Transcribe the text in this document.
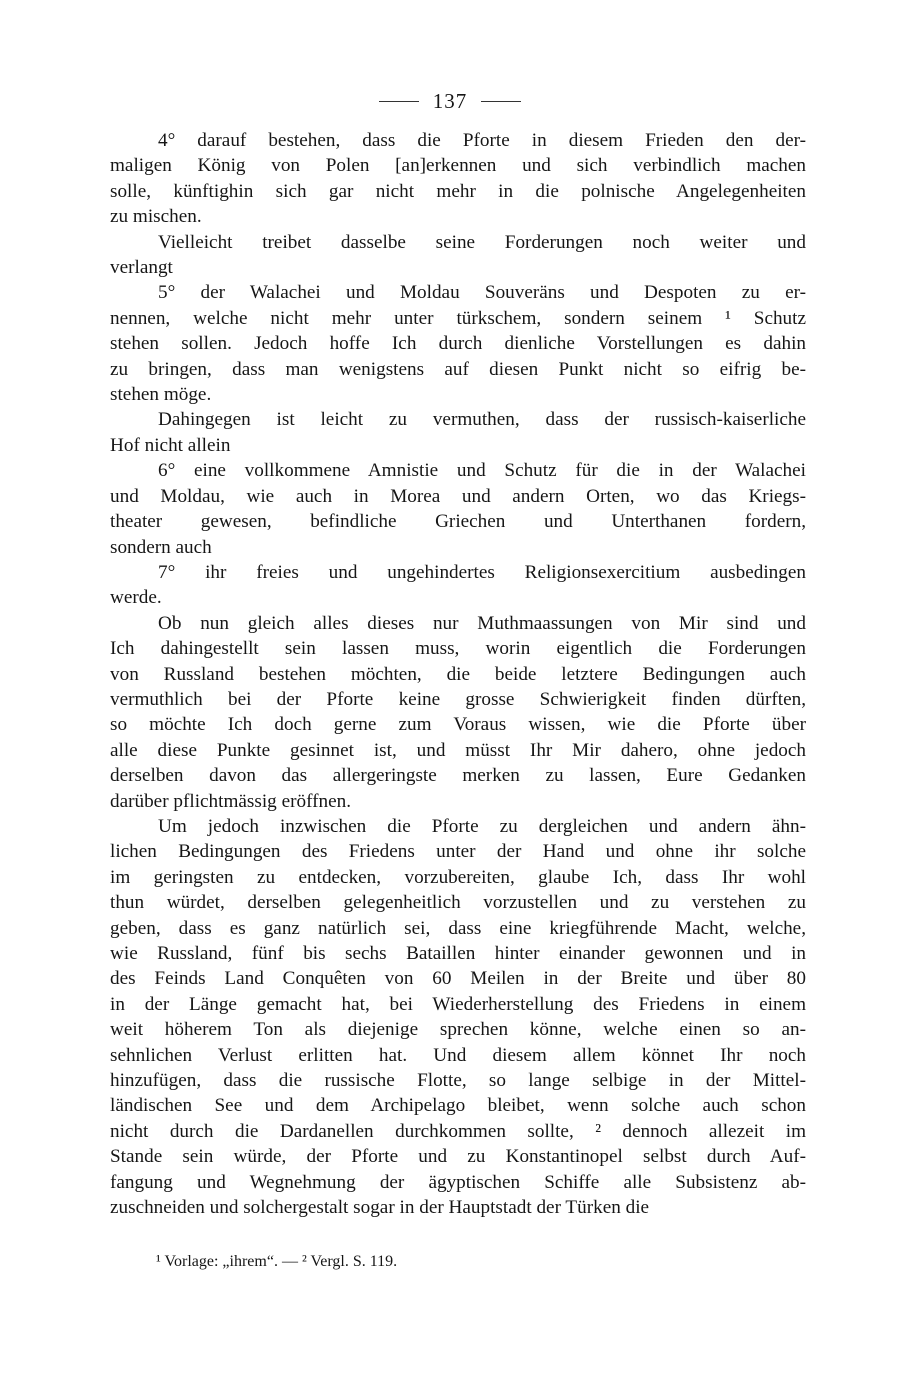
137
4° darauf bestehen, dass die Pforte in diesem Frieden den der-
maligen König von Polen [an]erkennen und sich verbindlich machen
solle, künftighin sich gar nicht mehr in die polnische Angelegenheiten
zu mischen.
Vielleicht treibet dasselbe seine Forderungen noch weiter und
verlangt
5° der Walachei und Moldau Souveräns und Despoten zu er-
nennen, welche nicht mehr unter türkschem, sondern seinem ¹ Schutz
stehen sollen. Jedoch hoffe Ich durch dienliche Vorstellungen es dahin
zu bringen, dass man wenigstens auf diesen Punkt nicht so eifrig be-
stehen möge.
Dahingegen ist leicht zu vermuthen, dass der russisch-kaiserliche
Hof nicht allein
6° eine vollkommene Amnistie und Schutz für die in der Walachei
und Moldau, wie auch in Morea und andern Orten, wo das Kriegs-
theater gewesen, befindliche Griechen und Unterthanen fordern,
sondern auch
7° ihr freies und ungehindertes Religionsexercitium ausbedingen
werde.
Ob nun gleich alles dieses nur Muthmaassungen von Mir sind und
Ich dahingestellt sein lassen muss, worin eigentlich die Forderungen
von Russland bestehen möchten, die beide letztere Bedingungen auch
vermuthlich bei der Pforte keine grosse Schwierigkeit finden dürften,
so möchte Ich doch gerne zum Voraus wissen, wie die Pforte über
alle diese Punkte gesinnet ist, und müsst Ihr Mir dahero, ohne jedoch
derselben davon das allergeringste merken zu lassen, Eure Gedanken
darüber pflichtmässig eröffnen.
Um jedoch inzwischen die Pforte zu dergleichen und andern ähn-
lichen Bedingungen des Friedens unter der Hand und ohne ihr solche
im geringsten zu entdecken, vorzubereiten, glaube Ich, dass Ihr wohl
thun würdet, derselben gelegenheitlich vorzustellen und zu verstehen zu
geben, dass es ganz natürlich sei, dass eine kriegführende Macht, welche,
wie Russland, fünf bis sechs Bataillen hinter einander gewonnen und in
des Feinds Land Conquêten von 60 Meilen in der Breite und über 80
in der Länge gemacht hat, bei Wiederherstellung des Friedens in einem
weit höherem Ton als diejenige sprechen könne, welche einen so an-
sehnlichen Verlust erlitten hat. Und diesem allem könnet Ihr noch
hinzufügen, dass die russische Flotte, so lange selbige in der Mittel-
ländischen See und dem Archipelago bleibet, wenn solche auch schon
nicht durch die Dardanellen durchkommen sollte, ² dennoch allezeit im
Stande sein würde, der Pforte und zu Konstantinopel selbst durch Auf-
fangung und Wegnehmung der ägyptischen Schiffe alle Subsistenz ab-
zuschneiden und solchergestalt sogar in der Hauptstadt der Türken die
¹ Vorlage: „ihrem“. — ² Vergl. S. 119.
